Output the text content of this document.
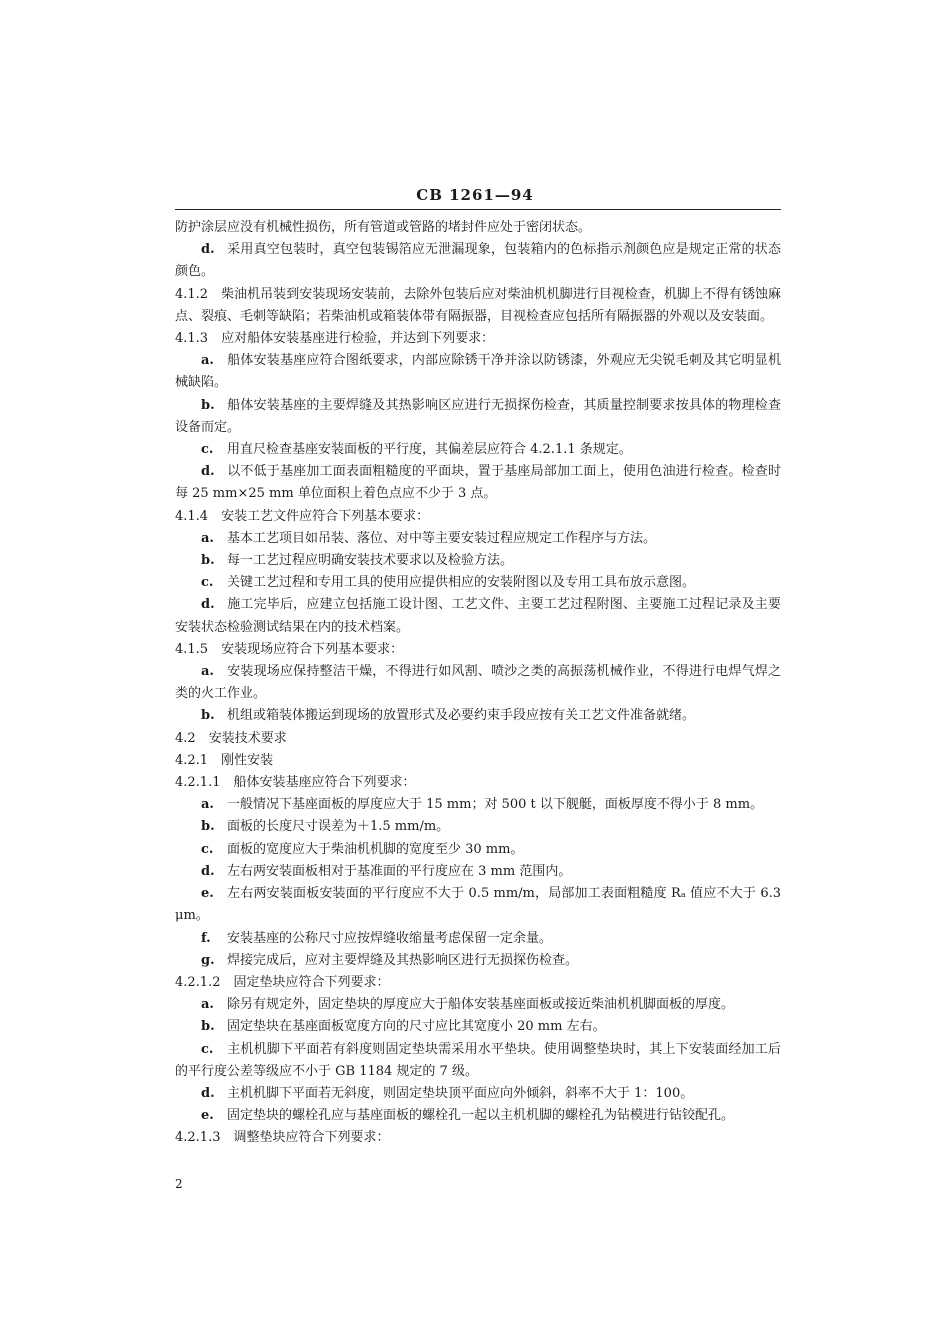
CB 1261—94

防护涂层应没有机械性损伤，所有管道或管路的堵封件应处于密闭状态。

d. 采用真空包装时，真空包装锡箔应无泄漏现象，包装箱内的色标指示剂颜色应是规定正常的状态颜色。

4.1.2  柴油机吊装到安装现场安装前，去除外包装后应对柴油机机脚进行目视检查，机脚上不得有锈蚀麻点、裂痕、毛刺等缺陷；若柴油机或箱装体带有隔振器，目视检查应包括所有隔振器的外观以及安装面。

4.1.3  应对船体安装基座进行检验，并达到下列要求：

a. 船体安装基座应符合图纸要求，内部应除锈干净并涂以防锈漆，外观应无尖锐毛刺及其它明显机械缺陷。

b. 船体安装基座的主要焊缝及其热影响区应进行无损探伤检查，其质量控制要求按具体的物理检查设备而定。

c. 用直尺检查基座安装面板的平行度，其偏差层应符合 4.2.1.1 条规定。

d. 以不低于基座加工面表面粗糙度的平面块，置于基座局部加工面上，使用色油进行检查。检查时每 25 mm×25 mm 单位面积上着色点应不少于 3 点。

4.1.4  安装工艺文件应符合下列基本要求：

a. 基本工艺项目如吊装、落位、对中等主要安装过程应规定工作程序与方法。

b. 每一工艺过程应明确安装技术要求以及检验方法。

c. 关键工艺过程和专用工具的使用应提供相应的安装附图以及专用工具布放示意图。

d. 施工完毕后，应建立包括施工设计图、工艺文件、主要工艺过程附图、主要施工过程记录及主要安装状态检验测试结果在内的技术档案。

4.1.5  安装现场应符合下列基本要求：

a. 安装现场应保持整洁干燥，不得进行如风割、喷沙之类的高振荡机械作业，不得进行电焊气焊之类的火工作业。

b. 机组或箱装体搬运到现场的放置形式及必要约束手段应按有关工艺文件准备就绪。

4.2  安装技术要求

4.2.1  刚性安装

4.2.1.1  船体安装基座应符合下列要求：

a. 一般情况下基座面板的厚度应大于 15 mm；对 500 t 以下舰艇，面板厚度不得小于 8 mm。

b. 面板的长度尺寸误差为＋1.5 mm/m。

c. 面板的宽度应大于柴油机机脚的宽度至少 30 mm。

d. 左右两安装面板相对于基准面的平行度应在 3 mm 范围内。

e. 左右两安装面板安装面的平行度应不大于 0.5 mm/m，局部加工表面粗糙度 Rₐ 值应不大于 6.3 μm。

f. 安装基座的公称尺寸应按焊缝收缩量考虑保留一定余量。

g. 焊接完成后，应对主要焊缝及其热影响区进行无损探伤检查。

4.2.1.2  固定垫块应符合下列要求：

a. 除另有规定外，固定垫块的厚度应大于船体安装基座面板或接近柴油机机脚面板的厚度。

b. 固定垫块在基座面板宽度方向的尺寸应比其宽度小 20 mm 左右。

c. 主机机脚下平面若有斜度则固定垫块需采用水平垫块。使用调整垫块时，其上下安装面经加工后的平行度公差等级应不小于 GB 1184 规定的 7 级。

d. 主机机脚下平面若无斜度，则固定垫块顶平面应向外倾斜，斜率不大于 1：100。

e. 固定垫块的螺栓孔应与基座面板的螺栓孔一起以主机机脚的螺栓孔为钻模进行钻铰配孔。

4.2.1.3  调整垫块应符合下列要求：

2
